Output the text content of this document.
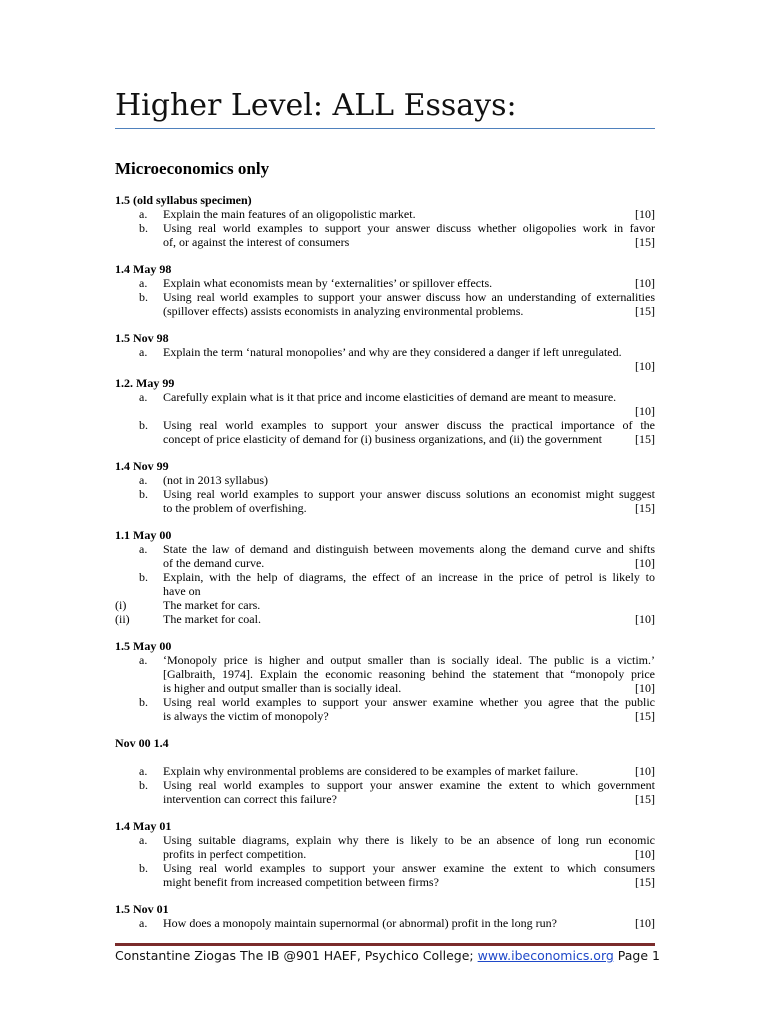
Higher Level: ALL Essays:
Microeconomics only
1.5 (old syllabus specimen)
a. Explain the main features of an oligopolistic market.	[10]
b. Using real world examples to support your answer discuss whether oligopolies work in favor
of, or against the interest of consumers	[15]
1.4 May 98
a. Explain what economists mean by ‘externalities’ or spillover effects.	[10]
b. Using real world examples to support your answer discuss how an understanding of externalities
(spillover effects) assists economists in analyzing environmental problems.	[15]
1.5 Nov 98
a. Explain the term ‘natural monopolies’ and why are they considered a danger if left unregulated.
[10]
1.2. May 99
a. Carefully explain what is it that price and income elasticities of demand are meant to measure.
[10]
b. Using real world examples to support your answer discuss the practical importance of the
concept of price elasticity of demand for (i) business organizations, and (ii) the government	[15]
1.4 Nov 99
a. (not in 2013 syllabus)
b. Using real world examples to support your answer discuss solutions an economist might suggest
to the problem of overfishing.	[15]
1.1 May 00
a. State the law of demand and distinguish between movements along the demand curve and shifts
of the demand curve.	[10]
b. Explain, with the help of diagrams, the effect of an increase in the price of petrol is likely to
have on
(i)	The market for cars.
(ii)	The market for coal.	[10]
1.5 May 00
a. ‘Monopoly price is higher and output smaller than is socially ideal. The public is a victim.’
[Galbraith, 1974]. Explain the economic reasoning behind the statement that “monopoly price
is higher and output smaller than is socially ideal.	[10]
b. Using real world examples to support your answer examine whether you agree that the public
is always the victim of monopoly?	[15]
Nov 00 1.4
a. Explain why environmental problems are considered to be examples of market failure.	[10]
b. Using real world examples to support your answer examine the extent to which government
intervention can correct this failure?	[15]
1.4 May 01
a. Using suitable diagrams, explain why there is likely to be an absence of long run economic
profits in perfect competition.	[10]
b. Using real world examples to support your answer examine the extent to which consumers
might benefit from increased competition between firms?	[15]
1.5 Nov 01
a. How does a monopoly maintain supernormal (or abnormal) profit in the long run?	[10]
Constantine Ziogas The IB @901 HAEF, Psychico College; www.ibeconomics.org Page 1
